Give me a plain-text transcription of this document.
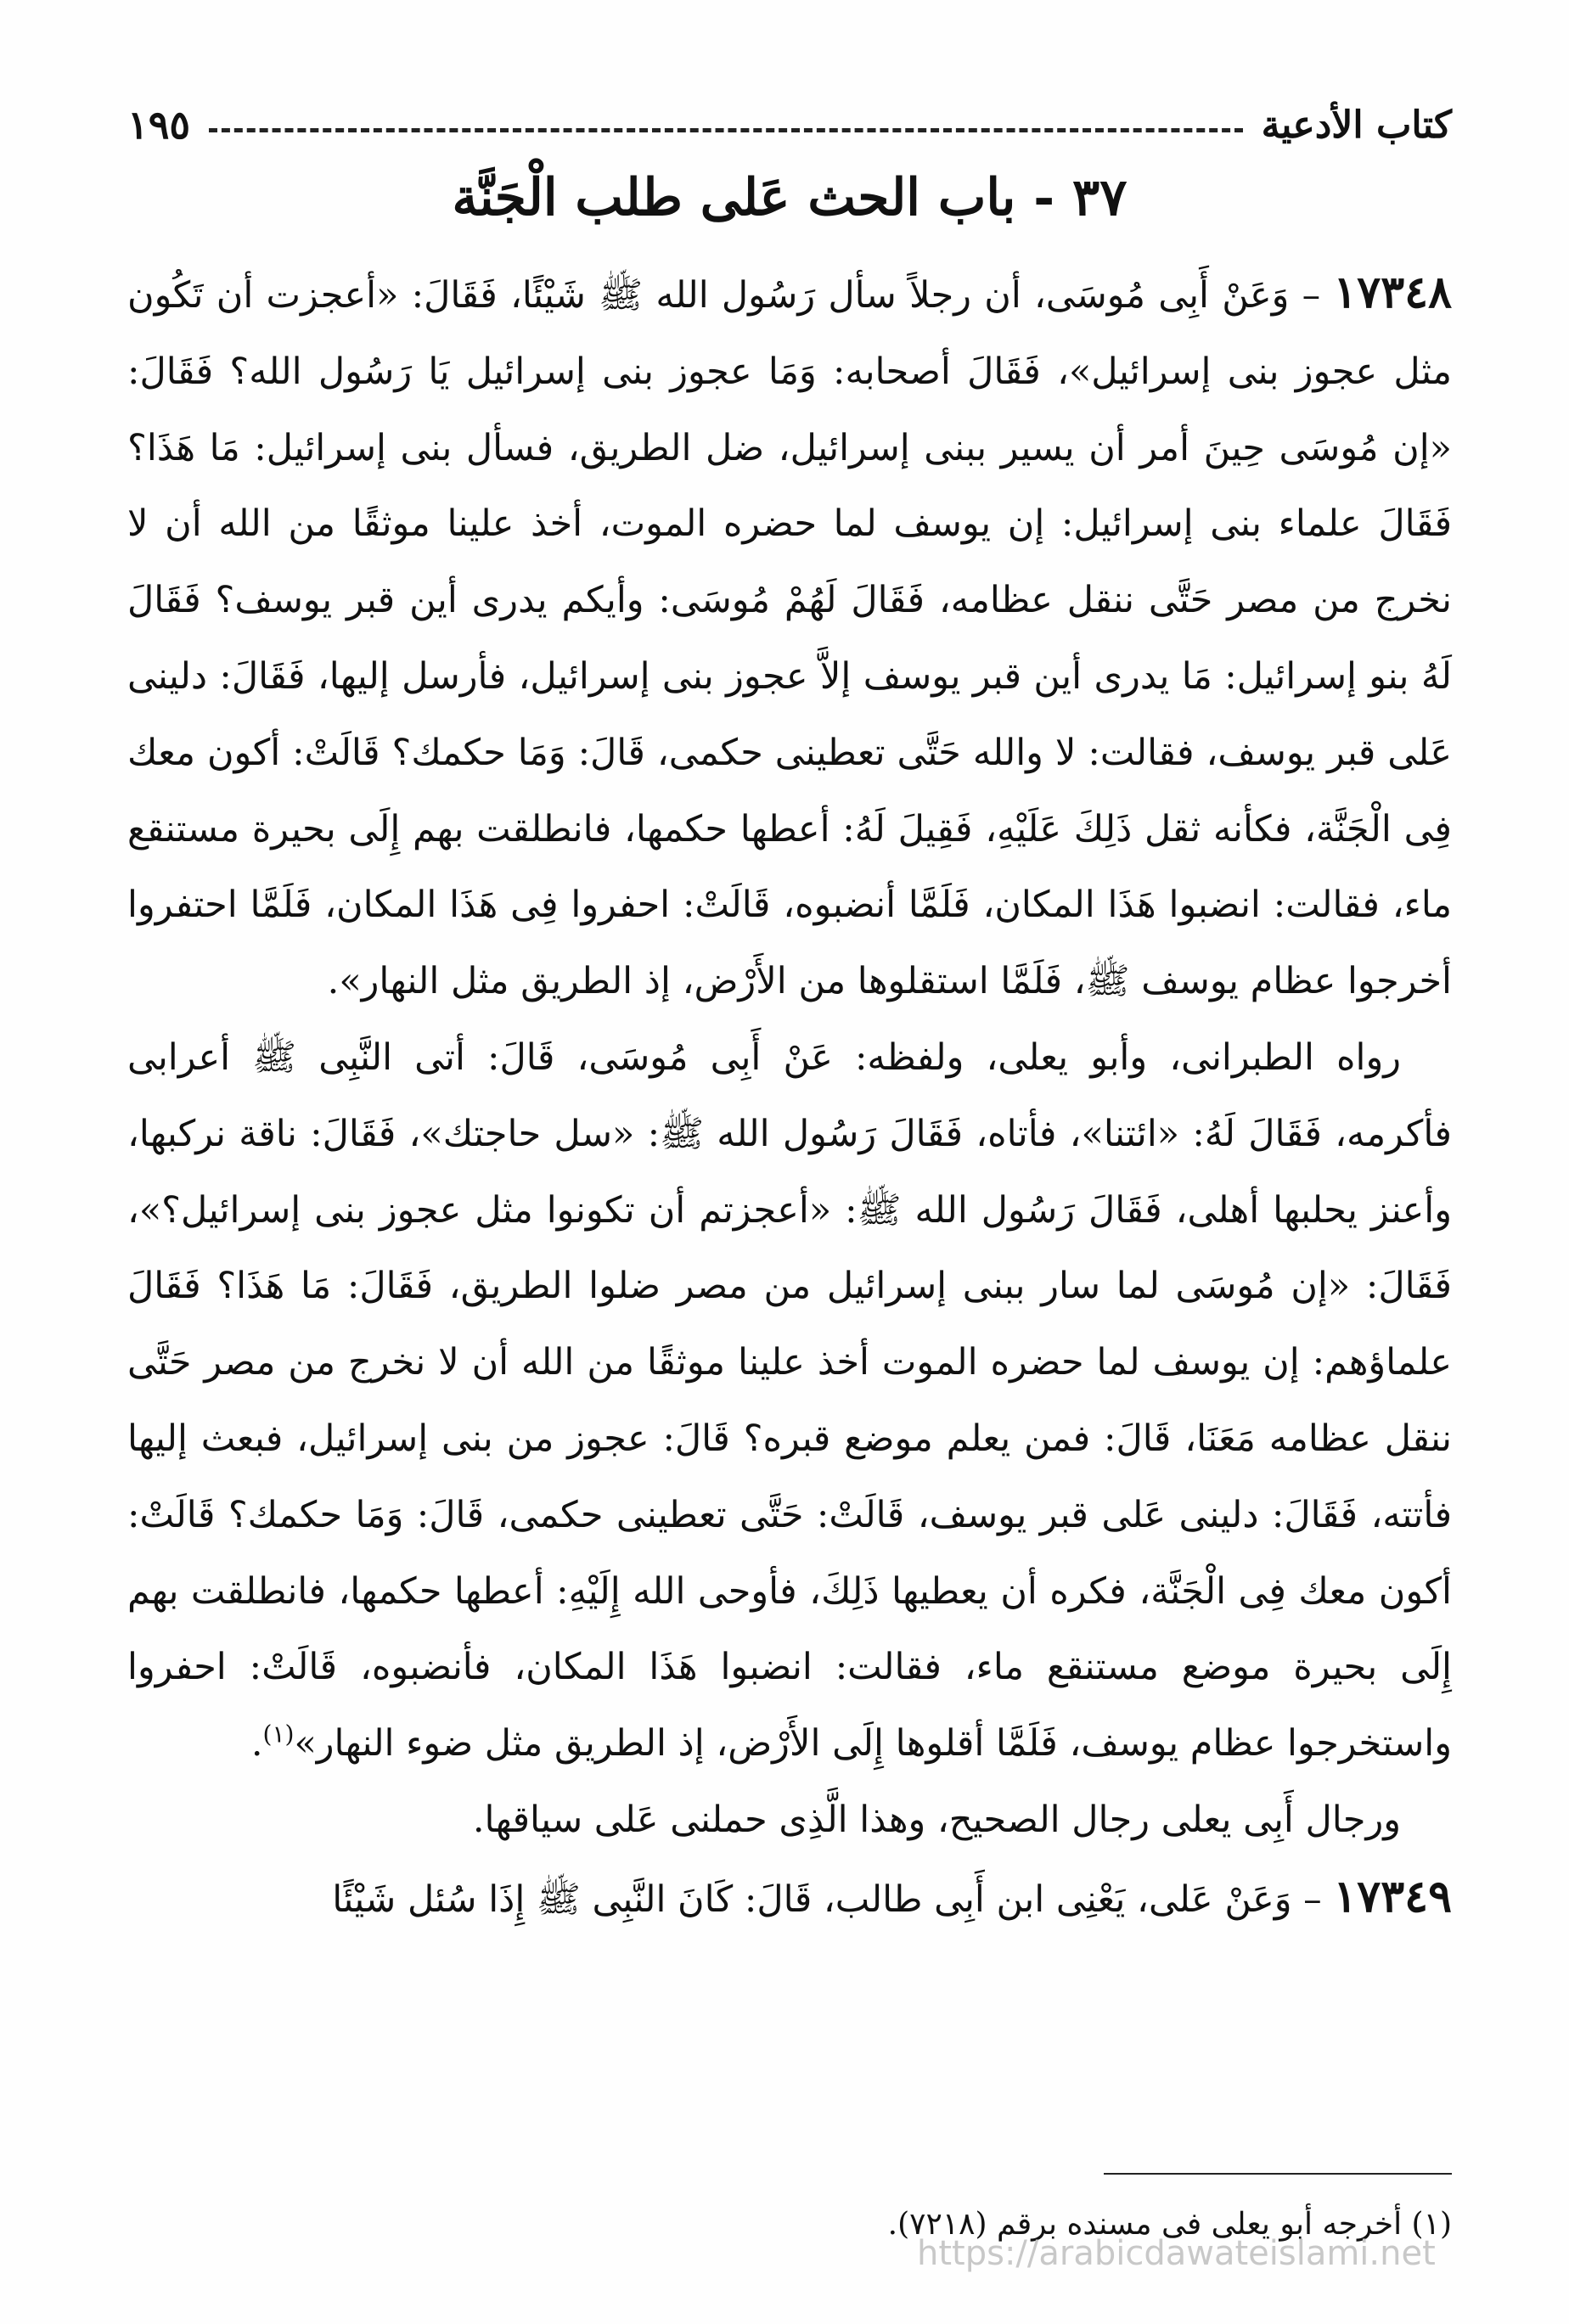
كتاب الأدعية
١٩٥
٣٧ - باب الحث عَلى طلب الْجَنَّة

١٧٣٤٨ – وَعَنْ أَبِى مُوسَى، أن رجلاً سأل رَسُول الله ﷺ شَيْئًا، فَقَالَ: «أعجزت أن تَكُون مثل عجوز بنى إسرائيل»، فَقَالَ أصحابه: وَمَا عجوز بنى إسرائيل يَا رَسُول الله؟ فَقَالَ: «إن مُوسَى حِينَ أمر أن يسير ببنى إسرائيل، ضل الطريق، فسأل بنى إسرائيل: مَا هَذَا؟ فَقَالَ علماء بنى إسرائيل: إن يوسف لما حضره الموت، أخذ علينا موثقًا من الله أن لا نخرج من مصر حَتَّى ننقل عظامه، فَقَالَ لَهُمْ مُوسَى: وأيكم يدرى أين قبر يوسف؟ فَقَالَ لَهُ بنو إسرائيل: مَا يدرى أين قبر يوسف إلاَّ عجوز بنى إسرائيل، فأرسل إليها، فَقَالَ: دلينى عَلى قبر يوسف، فقالت: لا والله حَتَّى تعطينى حكمى، قَالَ: وَمَا حكمك؟ قَالَتْ: أكون معك فِى الْجَنَّة، فكأنه ثقل ذَلِكَ عَلَيْهِ، فَقِيلَ لَهُ: أعطها حكمها، فانطلقت بهم إِلَى بحيرة مستنقع ماء، فقالت: انضبوا هَذَا المكان، فَلَمَّا أنضبوه، قَالَتْ: احفروا فِى هَذَا المكان، فَلَمَّا احتفروا أخرجوا عظام يوسف ﷺ، فَلَمَّا استقلوها من الأَرْض، إذ الطريق مثل النهار».

رواه الطبرانى، وأبو يعلى، ولفظه: عَنْ أَبِى مُوسَى، قَالَ: أتى النَّبِى ﷺ أعرابى فأكرمه، فَقَالَ لَهُ: «ائتنا»، فأتاه، فَقَالَ رَسُول الله ﷺ: «سل حاجتك»، فَقَالَ: ناقة نركبها، وأعنز يحلبها أهلى، فَقَالَ رَسُول الله ﷺ: «أعجزتم أن تكونوا مثل عجوز بنى إسرائيل؟»، فَقَالَ: «إن مُوسَى لما سار ببنى إسرائيل من مصر ضلوا الطريق، فَقَالَ: مَا هَذَا؟ فَقَالَ علماؤهم: إن يوسف لما حضره الموت أخذ علينا موثقًا من الله أن لا نخرج من مصر حَتَّى ننقل عظامه مَعَنَا، قَالَ: فمن يعلم موضع قبره؟ قَالَ: عجوز من بنى إسرائيل، فبعث إليها فأتته، فَقَالَ: دلينى عَلى قبر يوسف، قَالَتْ: حَتَّى تعطينى حكمى، قَالَ: وَمَا حكمك؟ قَالَتْ: أكون معك فِى الْجَنَّة، فكره أن يعطيها ذَلِكَ، فأوحى الله إِلَيْهِ: أعطها حكمها، فانطلقت بهم إِلَى بحيرة موضع مستنقع ماء، فقالت: انضبوا هَذَا المكان، فأنضبوه، قَالَتْ: احفروا واستخرجوا عظام يوسف، فَلَمَّا أقلوها إِلَى الأَرْض، إذ الطريق مثل ضوء النهار»$^{(١)}$.

ورجال أَبِى يعلى رجال الصحيح، وهذا الَّذِى حملنى عَلى سياقها.

١٧٣٤٩ – وَعَنْ عَلى، يَعْنِى ابن أَبِى طالب، قَالَ: كَانَ النَّبِى ﷺ إِذَا سُئل شَيْئًا

(١) أخرجه أبو يعلى فى مسنده برقم (٧٢١٨).
https://arabicdawateislami.net
